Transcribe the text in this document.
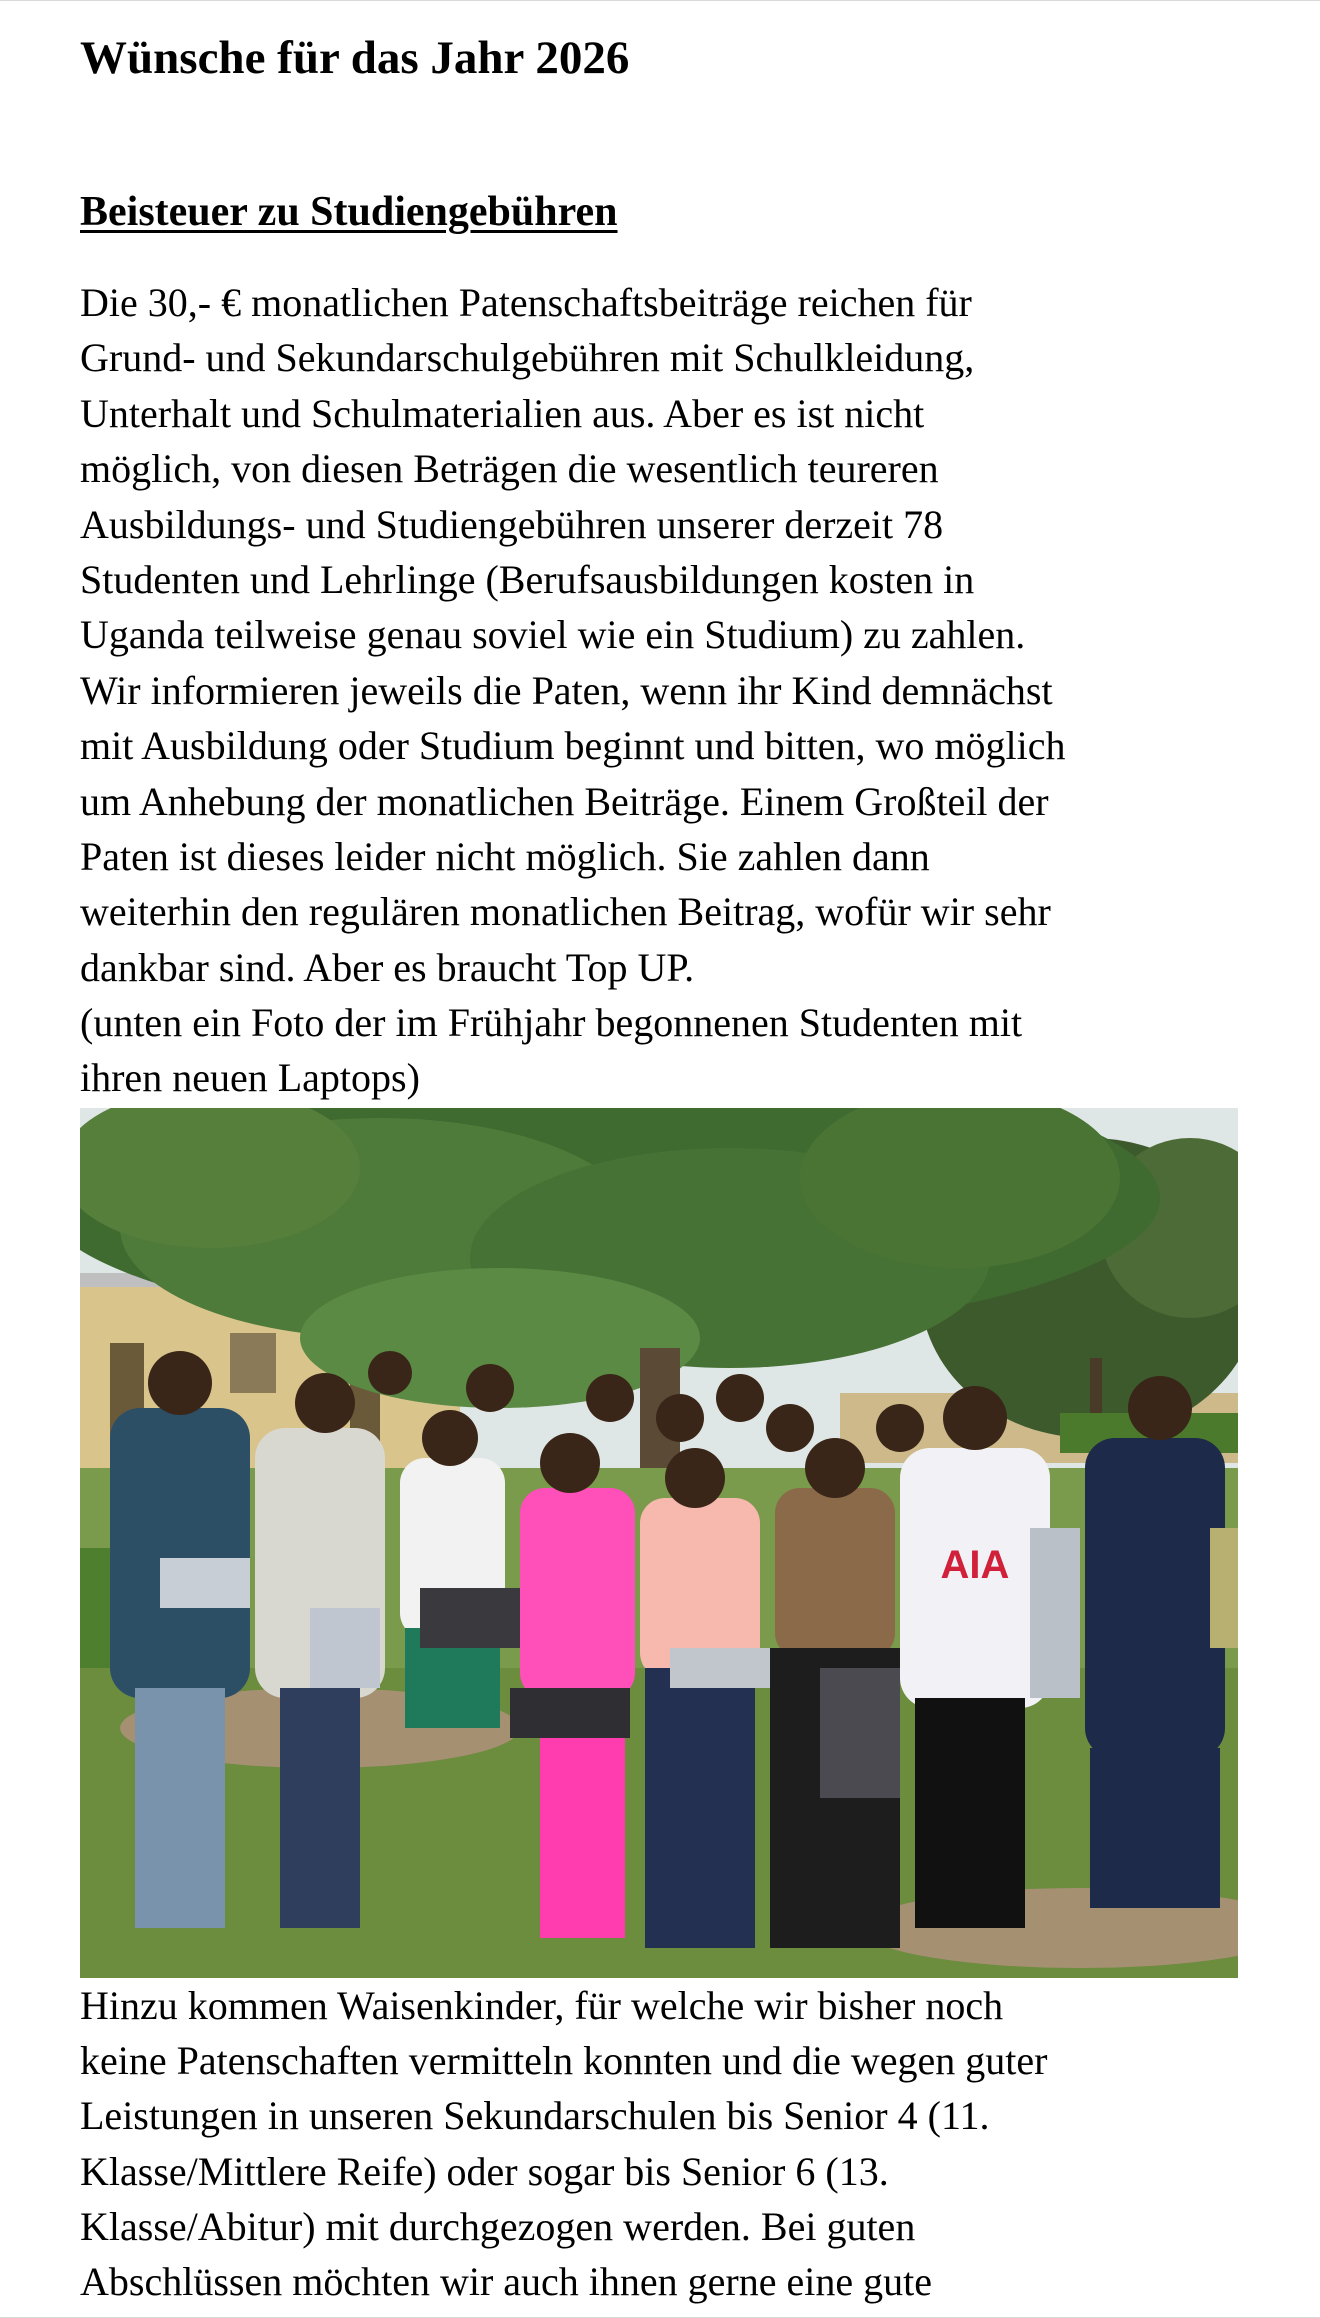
Wünsche für das Jahr 2026
Beisteuer zu Studiengebühren
Die 30,- € monatlichen Patenschaftsbeiträge reichen für
Grund- und Sekundarschulgebühren mit Schulkleidung,
Unterhalt und Schulmaterialien aus. Aber es ist nicht
möglich, von diesen Beträgen die wesentlich teureren
Ausbildungs- und Studiengebühren unserer derzeit 78
Studenten und Lehrlinge (Berufsausbildungen kosten in
Uganda teilweise genau soviel wie ein Studium) zu zahlen.
Wir informieren jeweils die Paten, wenn ihr Kind demnächst
mit Ausbildung oder Studium beginnt und bitten, wo möglich
um Anhebung der monatlichen Beiträge. Einem Großteil der
Paten ist dieses leider nicht möglich. Sie zahlen dann
weiterhin den regulären monatlichen Beitrag, wofür wir sehr
dankbar sind. Aber es braucht Top UP.
(unten ein Foto der im Frühjahr begonnenen Studenten mit
ihren neuen Laptops)
Hinzu kommen Waisenkinder, für welche wir bisher noch
keine Patenschaften vermitteln konnten und die wegen guter
Leistungen in unseren Sekundarschulen bis Senior 4 (11.
Klasse/Mittlere Reife) oder sogar bis Senior 6 (13.
Klasse/Abitur) mit durchgezogen werden. Bei guten
Abschlüssen möchten wir auch ihnen gerne eine gute
AIA
